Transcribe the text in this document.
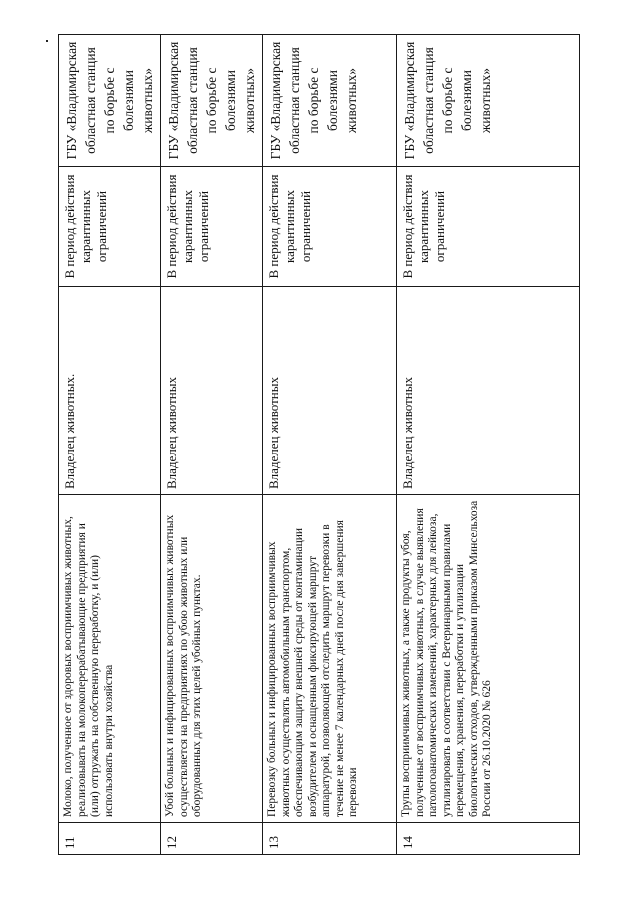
11	Молоко, полученное от здоровых восприимчивых животных, реализовывать на молокоперерабатывающие предприятия и (или) отгружать на собственную переработку, и (или) использовать внутри хозяйства	Владелец животных.	В период действия карантинных ограничений	ГБУ «Владимирская областная станция по борьбе с болезнями животных»
12	Убой больных и инфицированных восприимчивых животных осуществляется на предприятиях по убою животных или оборудованных для этих целей убойных пунктах.	Владелец животных	В период действия карантинных ограничений	ГБУ «Владимирская областная станция по борьбе с болезнями животных»
13	Перевозку больных и инфицированных восприимчивых животных осуществлять автомобильным транспортом, обеспечивающим защиту внешней среды от контаминации возбудителем и оснащенным фиксирующей маршрут аппаратурой, позволяющей отследить маршрут перевозки в течение не менее 7 календарных дней после дня завершения перевозки	Владелец животных	В период действия карантинных ограничений	ГБУ «Владимирская областная станция по борьбе с болезнями животных»
14	Трупы восприимчивых животных, а также продукты убоя, полученные от восприимчивых животных, в случае выявления патологоанатомических изменений, характерных для лейкоза, утилизировать в соответствии с Ветеринарными правилами перемещения, хранения, переработки и утилизации биологических отходов, утвержденными приказом Минсельхоза России от 26.10.2020 № 626	Владелец животных	В период действия карантинных ограничений	ГБУ «Владимирская областная станция по борьбе с болезнями животных»
